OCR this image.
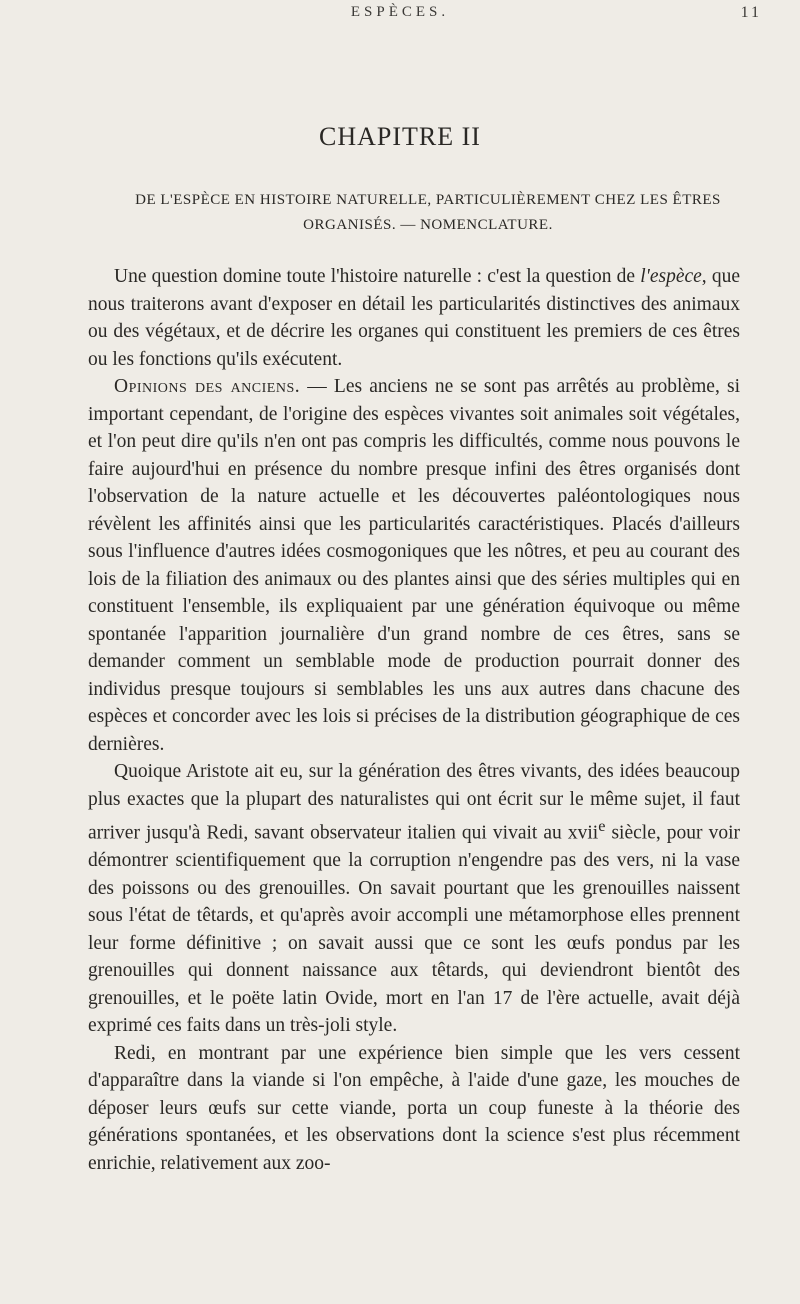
ESPÈCES.	11
CHAPITRE II
DE L'ESPÈCE EN HISTOIRE NATURELLE, PARTICULIÈREMENT CHEZ LES ÊTRES ORGANISÉS. — NOMENCLATURE.

Une question domine toute l'histoire naturelle : c'est la question de l'espèce, que nous traiterons avant d'exposer en détail les particularités distinctives des animaux ou des végétaux, et de décrire les organes qui constituent les premiers de ces êtres ou les fonctions qu'ils exécutent.

Opinions des anciens. — Les anciens ne se sont pas arrêtés au problème, si important cependant, de l'origine des espèces vivantes soit animales soit végétales, et l'on peut dire qu'ils n'en ont pas compris les difficultés, comme nous pouvons le faire aujourd'hui en présence du nombre presque infini des êtres organisés dont l'observation de la nature actuelle et les découvertes paléontologiques nous révèlent les affinités ainsi que les particularités caractéristiques. Placés d'ailleurs sous l'influence d'autres idées cosmogoniques que les nôtres, et peu au courant des lois de la filiation des animaux ou des plantes ainsi que des séries multiples qui en constituent l'ensemble, ils expliquaient par une génération équivoque ou même spontanée l'apparition journalière d'un grand nombre de ces êtres, sans se demander comment un semblable mode de production pourrait donner des individus presque toujours si semblables les uns aux autres dans chacune des espèces et concorder avec les lois si précises de la distribution géographique de ces dernières.

Quoique Aristote ait eu, sur la génération des êtres vivants, des idées beaucoup plus exactes que la plupart des naturalistes qui ont écrit sur le même sujet, il faut arriver jusqu'à Redi, savant observateur italien qui vivait au xvii$^e$ siècle, pour voir démontrer scientifiquement que la corruption n'engendre pas des vers, ni la vase des poissons ou des grenouilles. On savait pourtant que les grenouilles naissent sous l'état de têtards, et qu'après avoir accompli une métamorphose elles prennent leur forme définitive ; on savait aussi que ce sont les œufs pondus par les grenouilles qui donnent naissance aux têtards, qui deviendront bientôt des grenouilles, et le poëte latin Ovide, mort en l'an 17 de l'ère actuelle, avait déjà exprimé ces faits dans un très-joli style.

Redi, en montrant par une expérience bien simple que les vers cessent d'apparaître dans la viande si l'on empêche, à l'aide d'une gaze, les mouches de déposer leurs œufs sur cette viande, porta un coup funeste à la théorie des générations spontanées, et les observations dont la science s'est plus récemment enrichie, relativement aux zoo-
